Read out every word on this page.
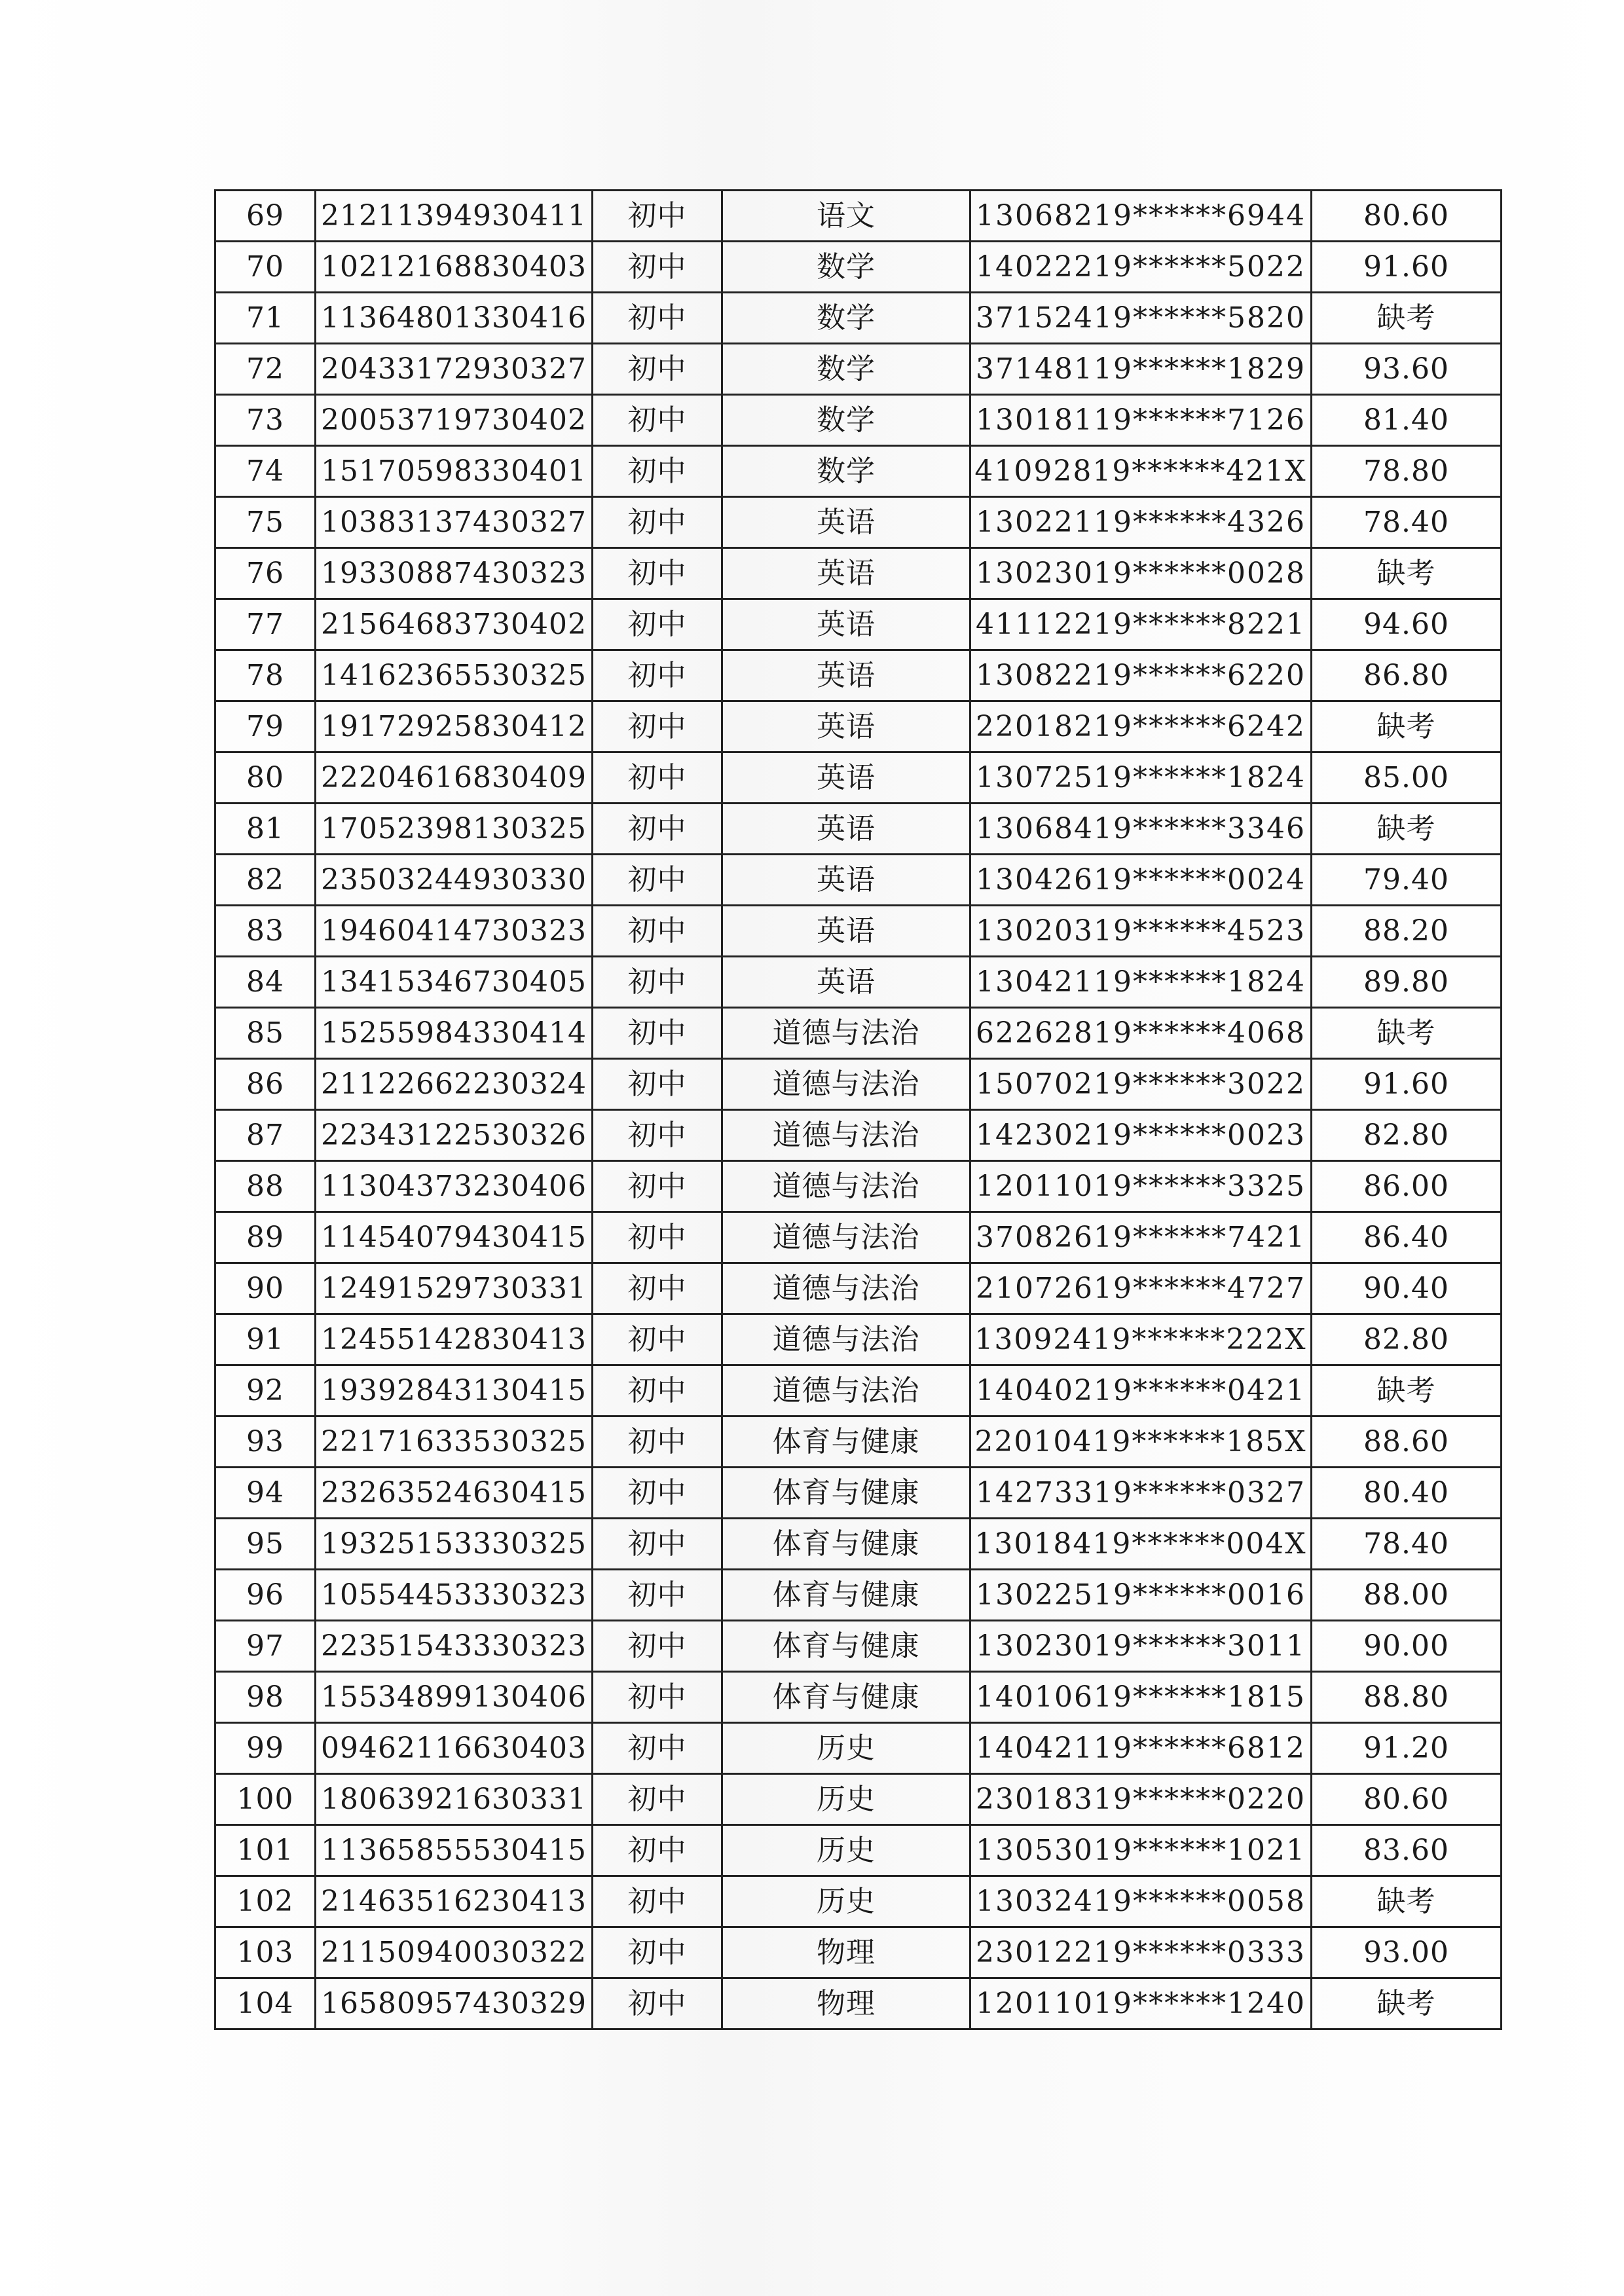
69	21211394930411	初中	语文	13068219******6944	80.60
70	10212168830403	初中	数学	14022219******5022	91.60
71	11364801330416	初中	数学	37152419******5820	缺考
72	20433172930327	初中	数学	37148119******1829	93.60
73	20053719730402	初中	数学	13018119******7126	81.40
74	15170598330401	初中	数学	41092819******421X	78.80
75	10383137430327	初中	英语	13022119******4326	78.40
76	19330887430323	初中	英语	13023019******0028	缺考
77	21564683730402	初中	英语	41112219******8221	94.60
78	14162365530325	初中	英语	13082219******6220	86.80
79	19172925830412	初中	英语	22018219******6242	缺考
80	22204616830409	初中	英语	13072519******1824	85.00
81	17052398130325	初中	英语	13068419******3346	缺考
82	23503244930330	初中	英语	13042619******0024	79.40
83	19460414730323	初中	英语	13020319******4523	88.20
84	13415346730405	初中	英语	13042119******1824	89.80
85	15255984330414	初中	道德与法治	62262819******4068	缺考
86	21122662230324	初中	道德与法治	15070219******3022	91.60
87	22343122530326	初中	道德与法治	14230219******0023	82.80
88	11304373230406	初中	道德与法治	12011019******3325	86.00
89	11454079430415	初中	道德与法治	37082619******7421	86.40
90	12491529730331	初中	道德与法治	21072619******4727	90.40
91	12455142830413	初中	道德与法治	13092419******222X	82.80
92	19392843130415	初中	道德与法治	14040219******0421	缺考
93	22171633530325	初中	体育与健康	22010419******185X	88.60
94	23263524630415	初中	体育与健康	14273319******0327	80.40
95	19325153330325	初中	体育与健康	13018419******004X	78.40
96	10554453330323	初中	体育与健康	13022519******0016	88.00
97	22351543330323	初中	体育与健康	13023019******3011	90.00
98	15534899130406	初中	体育与健康	14010619******1815	88.80
99	09462116630403	初中	历史	14042119******6812	91.20
100	18063921630331	初中	历史	23018319******0220	80.60
101	11365855530415	初中	历史	13053019******1021	83.60
102	21463516230413	初中	历史	13032419******0058	缺考
103	21150940030322	初中	物理	23012219******0333	93.00
104	16580957430329	初中	物理	12011019******1240	缺考
